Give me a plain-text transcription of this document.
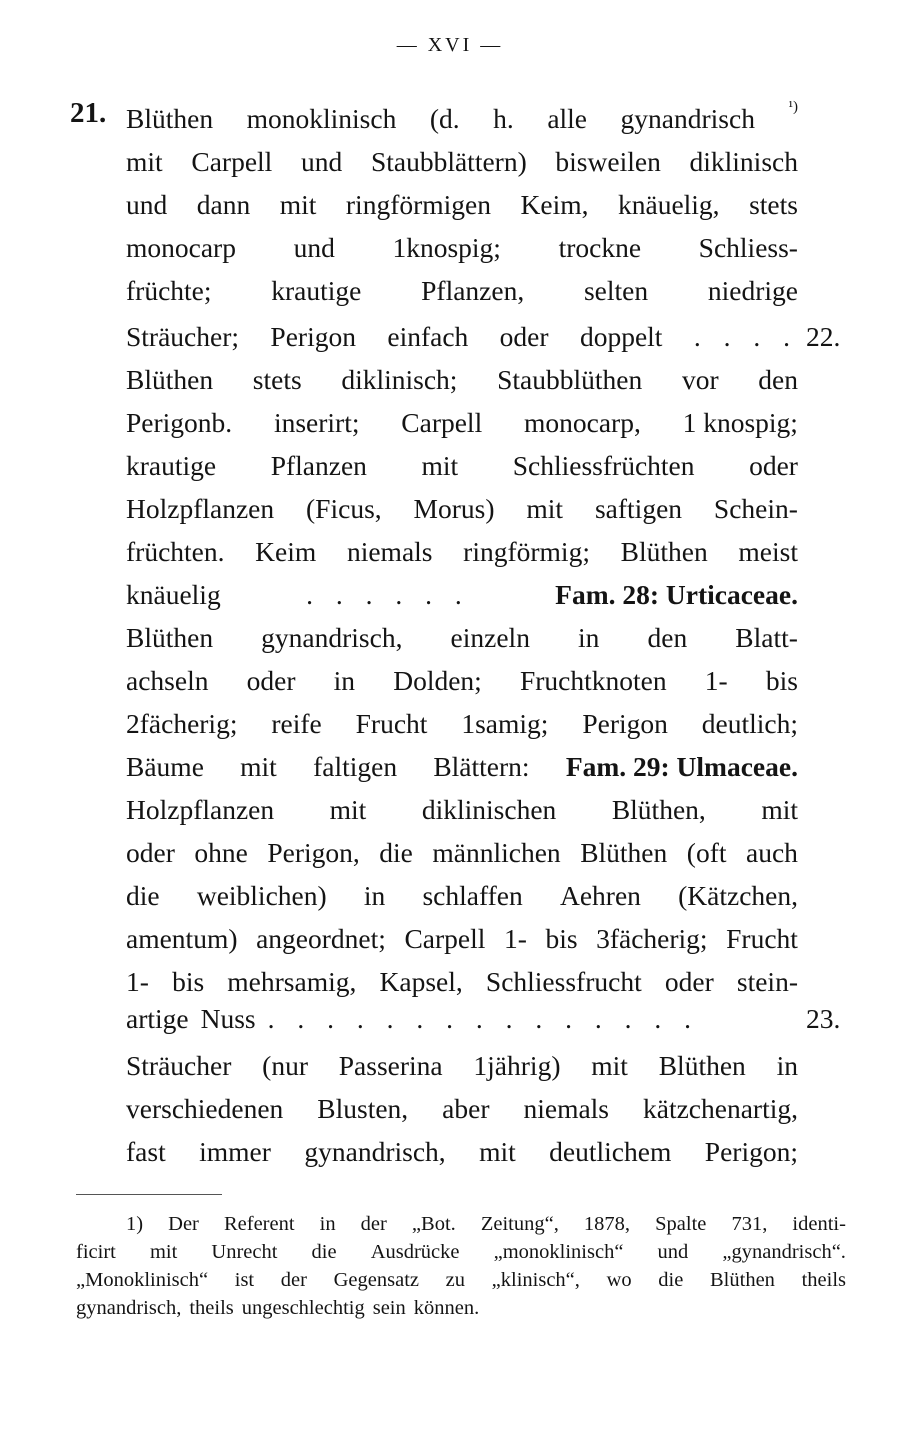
— XVI —
21. Blüthen monoklinisch (d. h. alle gynandrisch ¹)
mit Carpell und Staubblättern) bisweilen diklinisch
und dann mit ringförmigen Keim, knäuelig, stets
monocarp und 1knospig; trockne Schliess-
früchte; krautige Pflanzen, selten niedrige
Sträucher; Perigon einfach oder doppelt . . . .
Blüthen stets diklinisch; Staubblüthen vor den
Perigonb. inserirt; Carpell monocarp, 1 knospig;
krautige Pflanzen mit Schliessfrüchten oder
Holzpflanzen (Ficus, Morus) mit saftigen Schein-
früchten. Keim niemals ringförmig; Blüthen meist
knäuelig	. . . . . .	Fam. 28: Urticaceae.
Blüthen gynandrisch, einzeln in den Blatt-
achseln oder in Dolden; Fruchtknoten 1- bis
2fächerig; reife Frucht 1samig; Perigon deutlich;
Bäume mit faltigen Blättern: Fam. 29: Ulmaceae.
Holzpflanzen mit diklinischen Blüthen, mit
oder ohne Perigon, die männlichen Blüthen (oft auch
die weiblichen) in schlaffen Aehren (Kätzchen,
amentum) angeordnet; Carpell 1- bis 3fächerig; Frucht
1- bis mehrsamig, Kapsel, Schliessfrucht oder stein-
artige Nuss . . . . . . . . . . . . . . .
Sträucher (nur Passerina 1jährig) mit Blüthen in
verschiedenen Blusten, aber niemals kätzchenartig,
fast immer gynandrisch, mit deutlichem Perigon;
22.
23.
1) Der Referent in der „Bot. Zeitung“, 1878, Spalte 731, identi-
ficirt mit Unrecht die Ausdrücke „monoklinisch“ und „gynandrisch“.
„Monoklinisch“ ist der Gegensatz zu „klinisch“, wo die Blüthen theils
gynandrisch, theils ungeschlechtig sein können.
